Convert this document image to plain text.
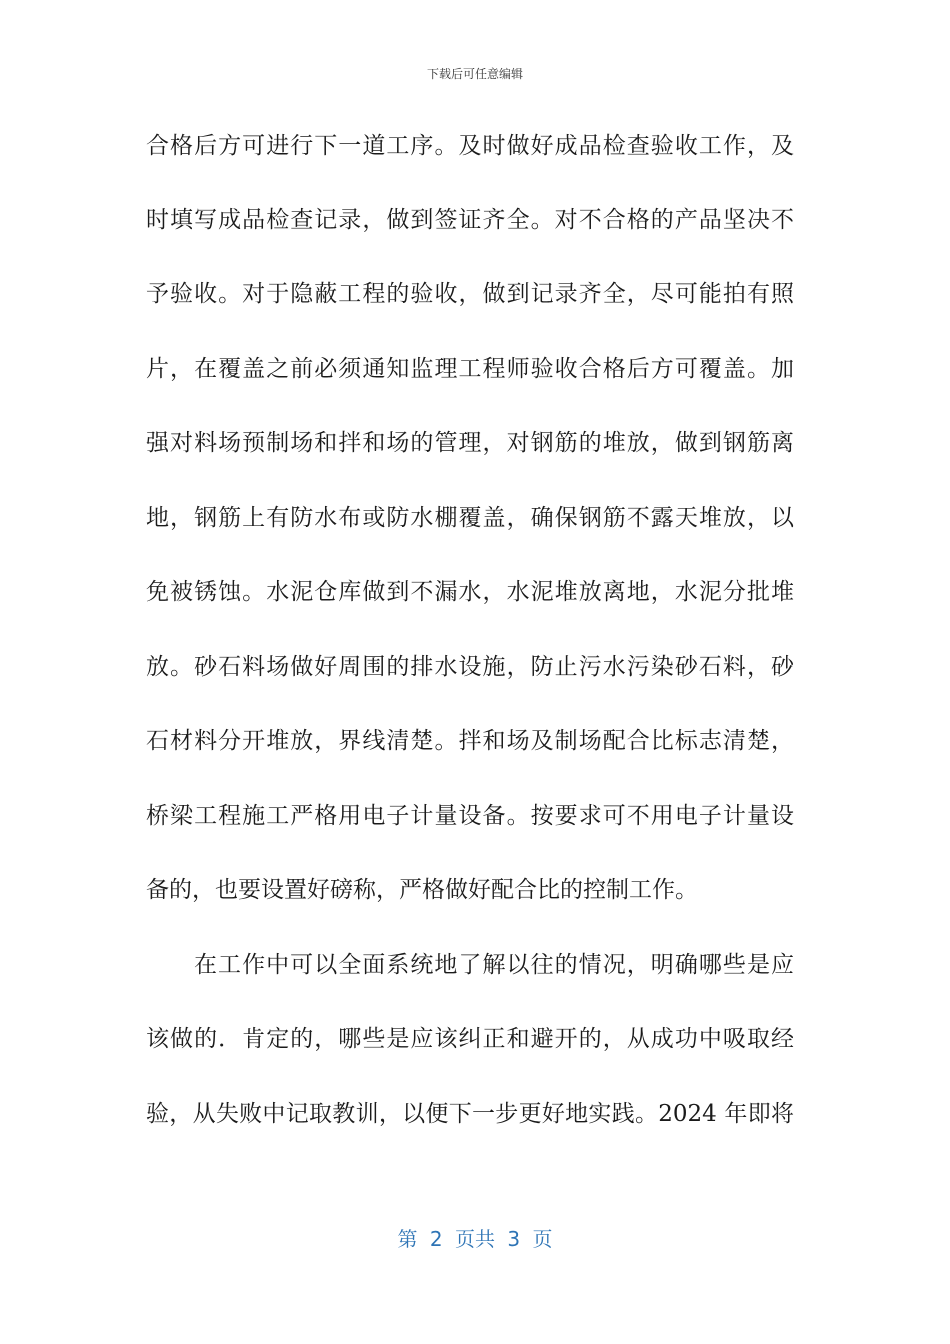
下载后可任意编辑
合格后方可进行下一道工序。及时做好成品检查验收工作，及
时填写成品检查记录，做到签证齐全。对不合格的产品坚决不
予验收。对于隐蔽工程的验收，做到记录齐全，尽可能拍有照
片，在覆盖之前必须通知监理工程师验收合格后方可覆盖。加
强对料场预制场和拌和场的管理，对钢筋的堆放，做到钢筋离
地，钢筋上有防水布或防水棚覆盖，确保钢筋不露天堆放，以
免被锈蚀。水泥仓库做到不漏水，水泥堆放离地，水泥分批堆
放。砂石料场做好周围的排水设施，防止污水污染砂石料，砂
石材料分开堆放，界线清楚。拌和场及制场配合比标志清楚，
桥梁工程施工严格用电子计量设备。按要求可不用电子计量设
备的，也要设置好磅称，严格做好配合比的控制工作。
在工作中可以全面系统地了解以往的情况，明确哪些是应
该做的．肯定的，哪些是应该纠正和避开的，从成功中吸取经
验，从失败中记取教训，以便下一步更好地实践。2024 年即将
第 2 页共 3 页
